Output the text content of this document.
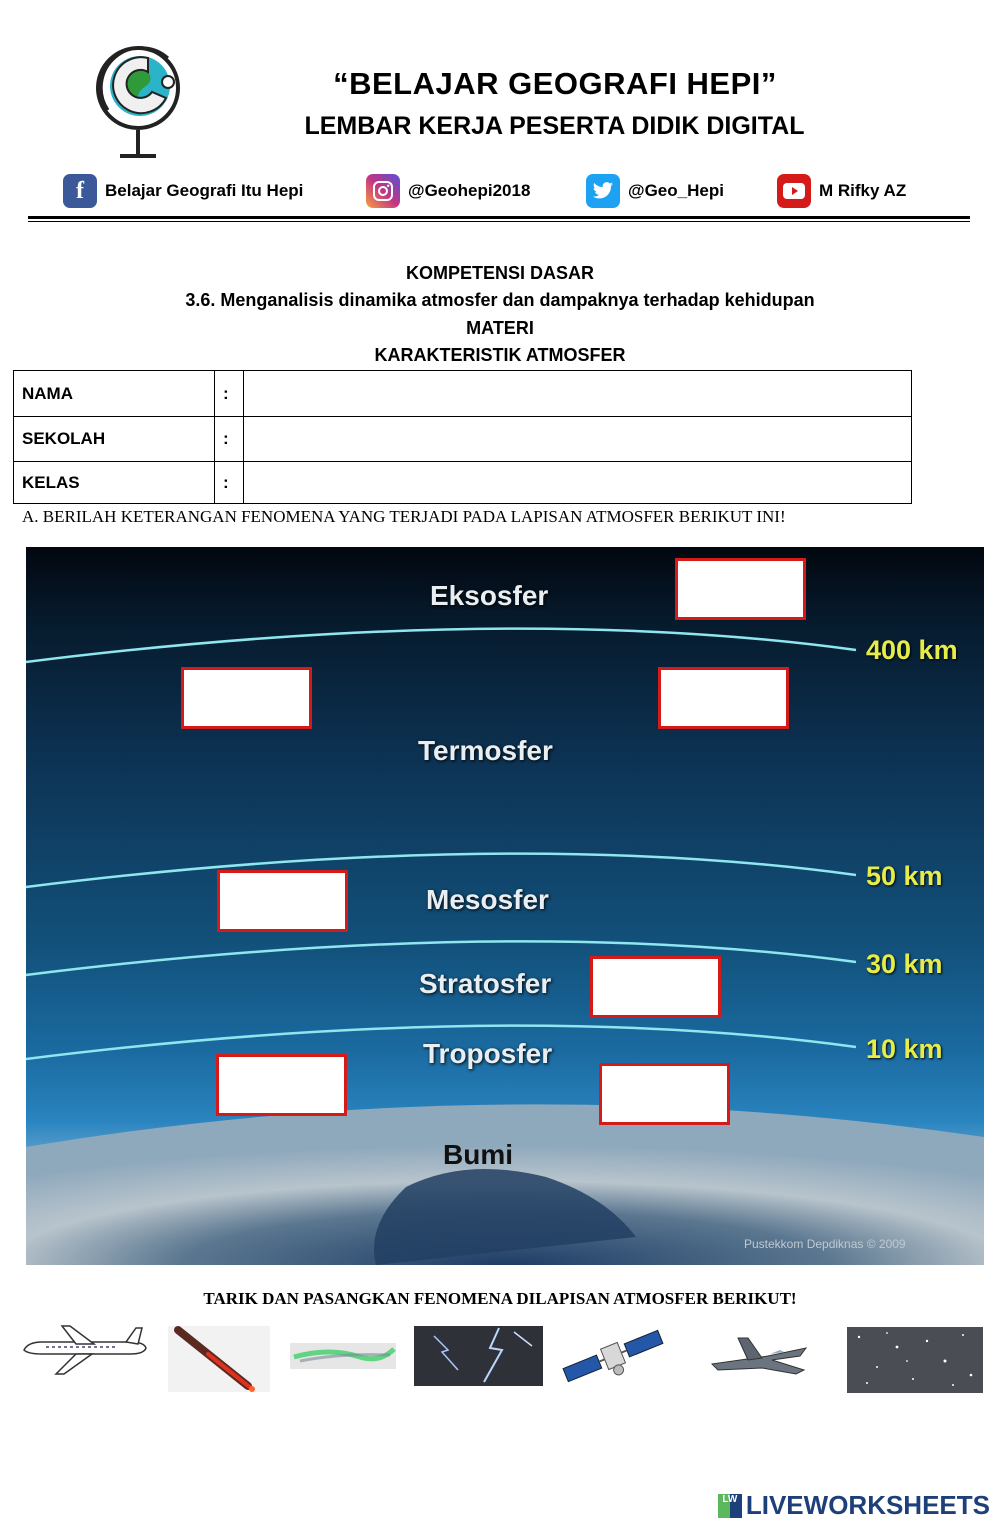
“BELAJAR GEOGRAFI HEPI”
LEMBAR KERJA PESERTA DIDIK DIGITAL
f	Belajar Geografi Itu Hepi	@Geohepi2018	@Geo_Hepi	M Rifky AZ
KOMPETENSI DASAR
3.6. Menganalisis dinamika atmosfer dan dampaknya terhadap kehidupan
MATERI
KARAKTERISTIK ATMOSFER
NAMA	:	
SEKOLAH	:	
KELAS	:	
A. BERILAH KETERANGAN FENOMENA YANG TERJADI PADA LAPISAN ATMOSFER BERIKUT INI!
Eksosfer
Termosfer
Mesosfer
Stratosfer
Troposfer
Bumi
400 km
50 km
30 km
10 km
Pustekkom Depdiknas © 2009
TARIK DAN PASANGKAN FENOMENA DILAPISAN ATMOSFER BERIKUT!
LW LIVEWORKSHEETS
